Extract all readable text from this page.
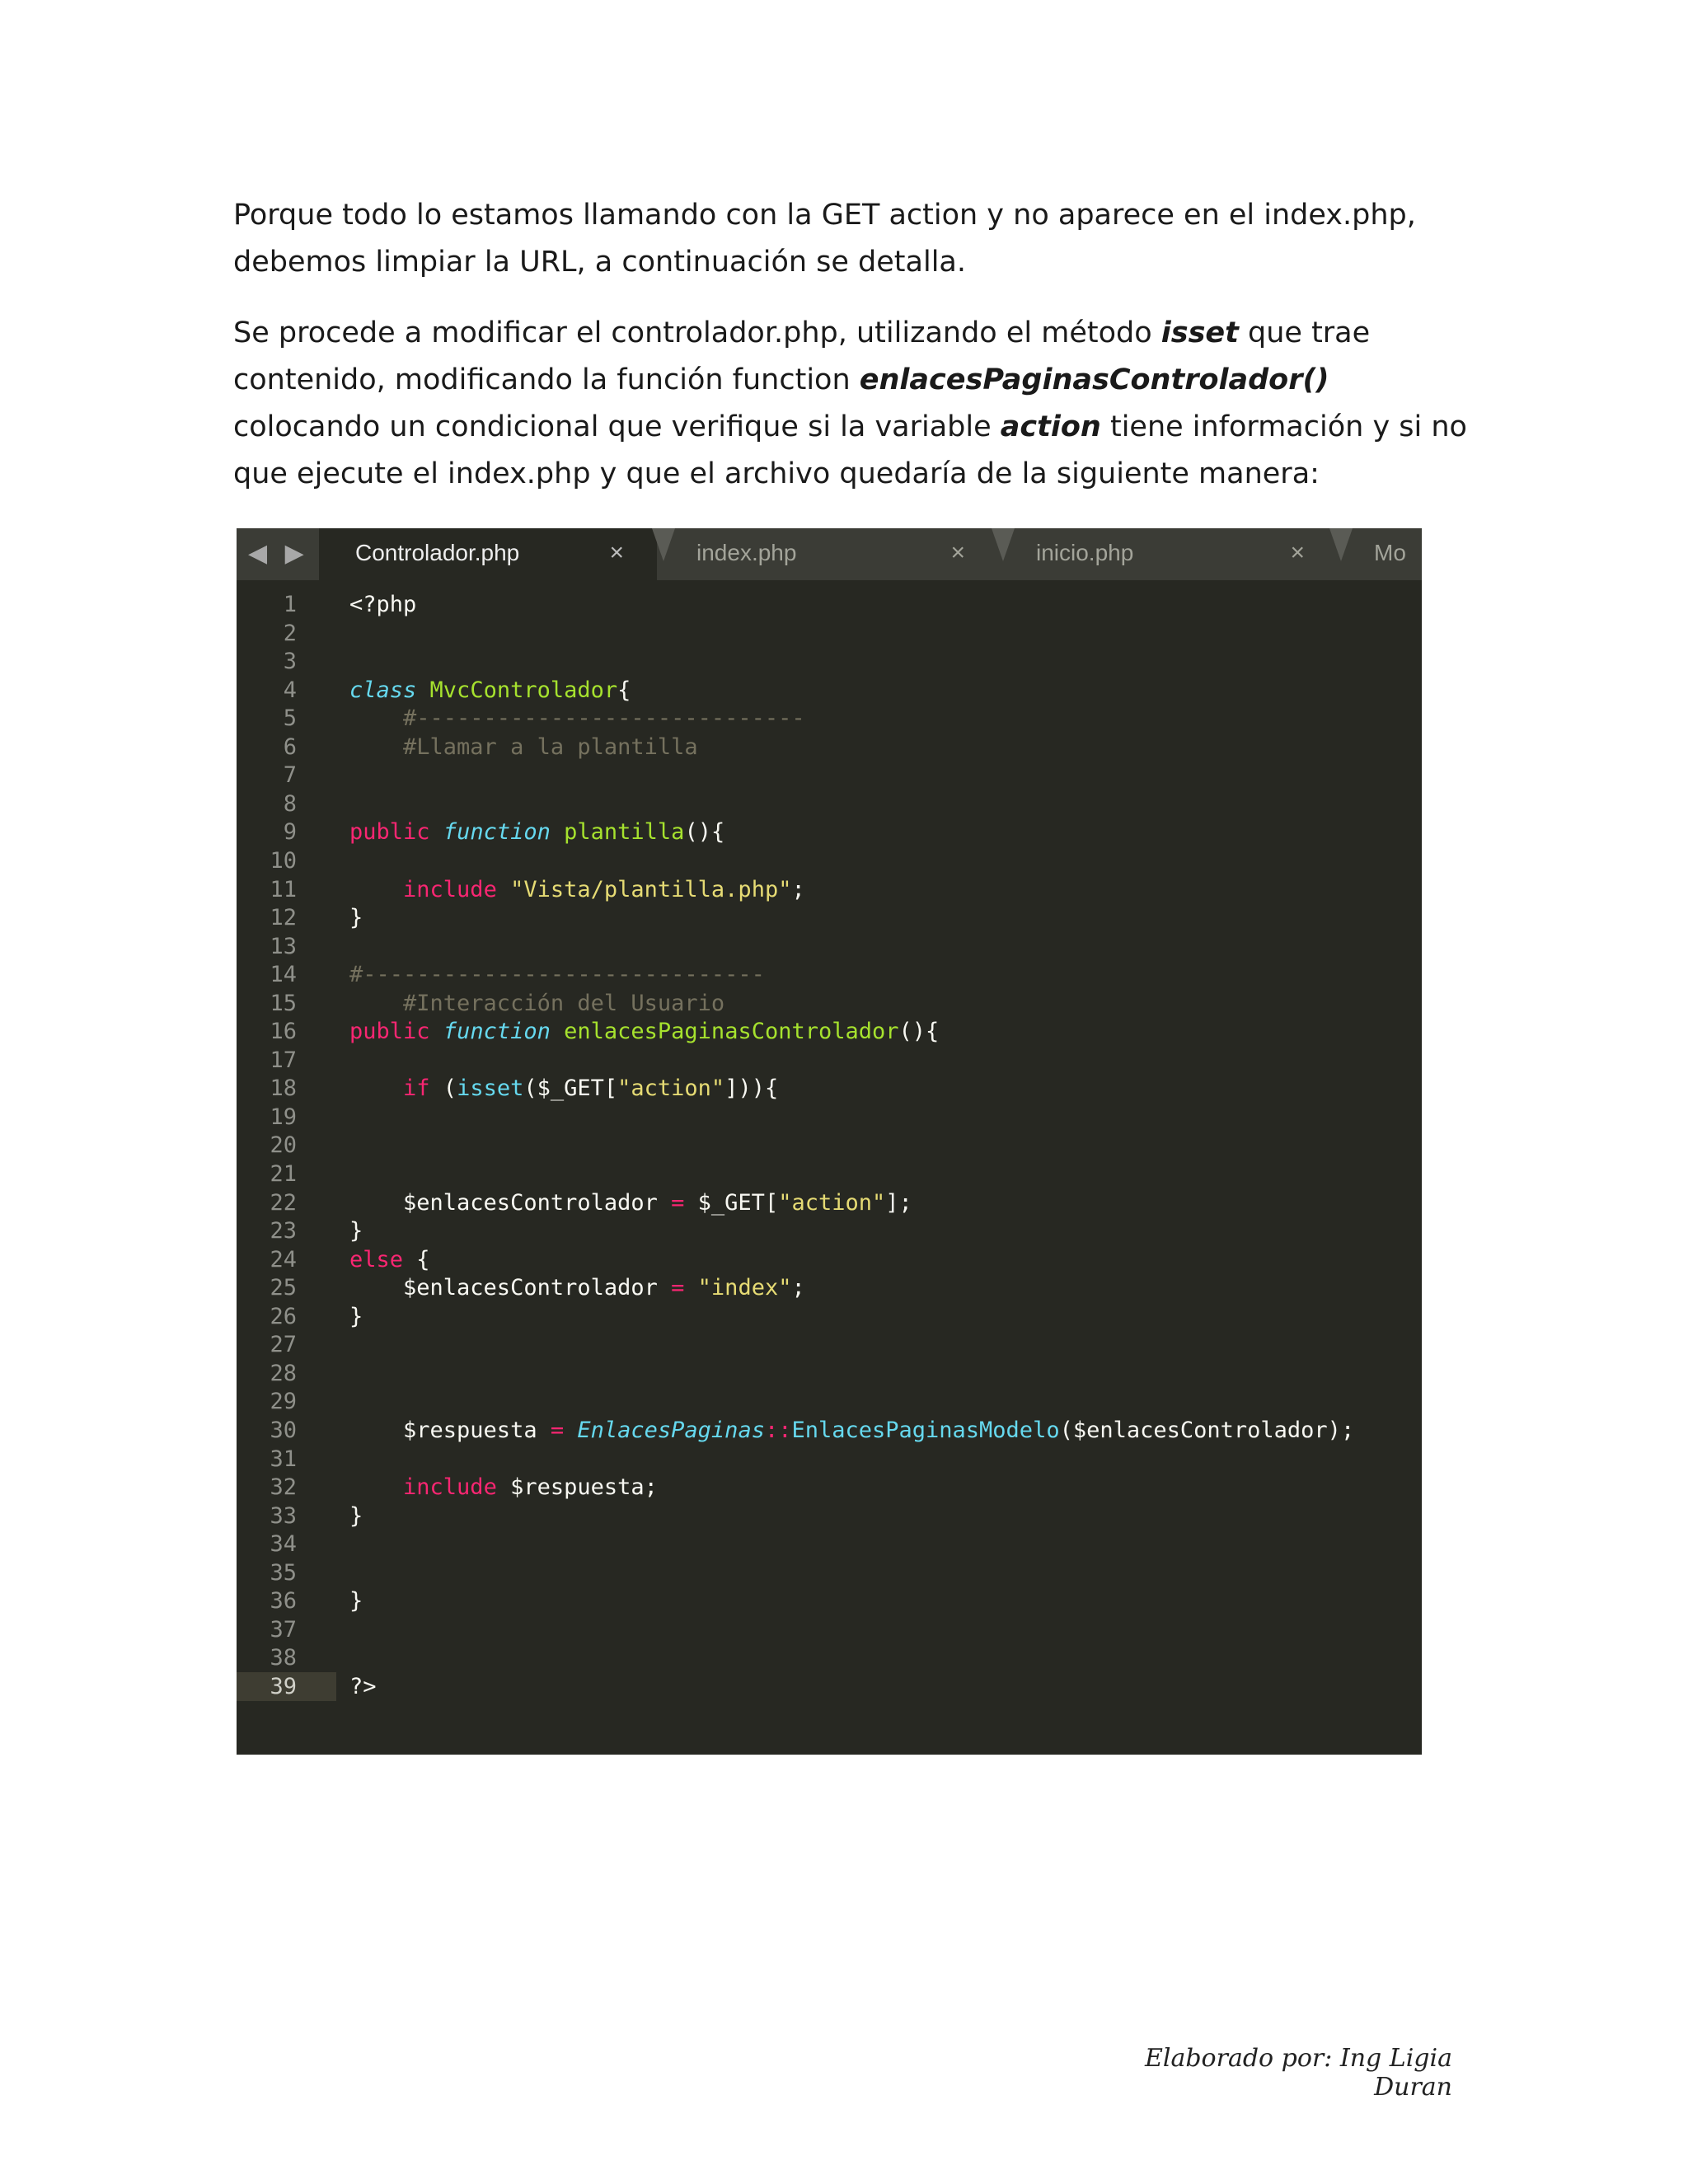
Porque todo lo estamos llamando con la GET action y no aparece en el index.php, debemos limpiar la URL, a continuación se detalla.
Se procede a modificar el controlador.php, utilizando el método isset que trae contenido, modificando la función function enlacesPaginasControlador() colocando un condicional que verifique si la variable action tiene información y si no que ejecute el index.php y que el archivo quedaría de la siguiente manera:
◀ ▶	Controlador.php	×	index.php	×	inicio.php	×	Mo
1	<?php
2
3
4	class MvcControlador{
5	#-----------------------------
6	#Llamar a la plantilla
7
8
9	public function plantilla(){
10
11	include "Vista/plantilla.php";
12	}
13
14	#------------------------------
15	#Interacción del Usuario
16	public function enlacesPaginasControlador(){
17
18	if (isset($_GET["action"])){
19
20
21
22	$enlacesControlador = $_GET["action"];
23	}
24	else {
25	$enlacesControlador = "index";
26	}
27
28
29
30	$respuesta = EnlacesPaginas::EnlacesPaginasModelo($enlacesControlador);
31
32	include $respuesta;
33	}
34
35
36	}
37
38
39	?>
Elaborado por: Ing Ligia Duran
